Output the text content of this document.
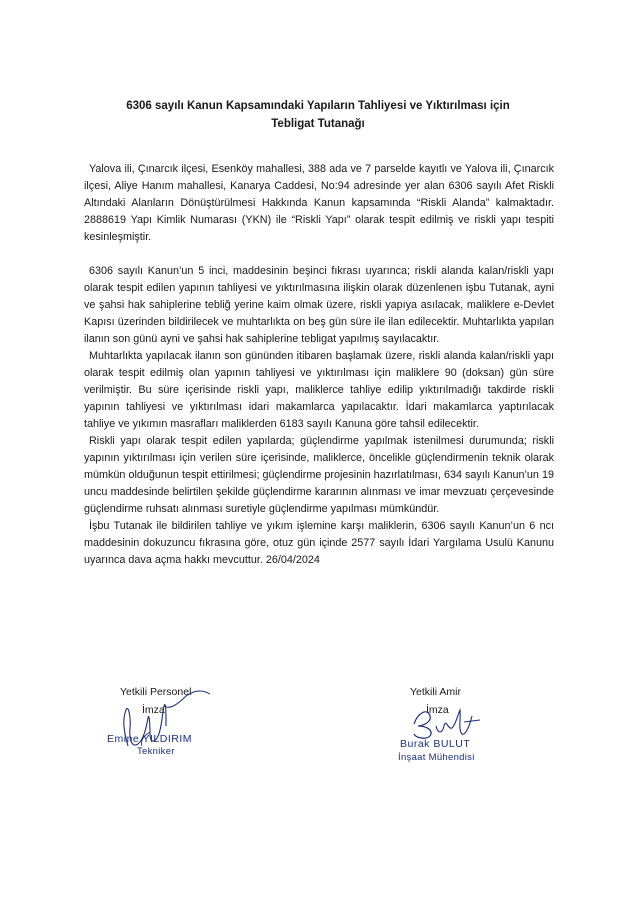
6306 sayılı Kanun Kapsamındaki Yapıların Tahliyesi ve Yıktırılması için
Tebligat Tutanağı

Yalova ili, Çınarcık ilçesi, Esenköy mahallesi, 388 ada ve 7 parselde kayıtlı ve Yalova ili, Çınarcık ilçesi, Aliye Hanım mahallesi, Kanarya Caddesi, No:94 adresinde yer alan 6306 sayılı Afet Riskli Altındaki Alanların Dönüştürülmesi Hakkında Kanun kapsamında “Riskli Alanda” kalmaktadır. 2888619 Yapı Kimlik Numarası (YKN) ile “Riskli Yapı” olarak tespit edilmiş ve riskli yapı tespiti kesinleşmiştir.

6306 sayılı Kanun’un 5 inci, maddesinin beşinci fıkrası uyarınca; riskli alanda kalan/riskli yapı olarak tespit edilen yapının tahliyesi ve yıktırılmasına ilişkin olarak düzenlenen işbu Tutanak, ayni ve şahsi hak sahiplerine tebliğ yerine kaim olmak üzere, riskli yapıya asılacak, maliklere e-Devlet Kapısı üzerinden bildirilecek ve muhtarlıkta on beş gün süre ile ilan edilecektir. Muhtarlıkta yapılan ilanın son günü ayni ve şahsi hak sahiplerine tebligat yapılmış sayılacaktır.

Muhtarlıkta yapılacak ilanın son gününden itibaren başlamak üzere, riskli alanda kalan/riskli yapı olarak tespit edilmiş olan yapının tahliyesi ve yıktırılması için maliklere 90 (doksan) gün süre verilmiştir. Bu süre içerisinde riskli yapı, maliklerce tahliye edilip yıktırılmadığı takdirde riskli yapının tahliyesi ve yıktırılması idari makamlarca yapılacaktır. İdari makamlarca yaptırılacak tahliye ve yıkımın masrafları maliklerden 6183 sayılı Kanuna göre tahsil edilecektir.

Riskli yapı olarak tespit edilen yapılarda; güçlendirme yapılmak istenilmesi durumunda; riskli yapının yıktırılması için verilen süre içerisinde, maliklerce, öncelikle güçlendirmenin teknik olarak mümkün olduğunun tespit ettirilmesi; güçlendirme projesinin hazırlatılması, 634 sayılı Kanun’un 19 uncu maddesinde belirtilen şekilde güçlendirme kararının alınması ve imar mevzuatı çerçevesinde güçlendirme ruhsatı alınması suretiyle güçlendirme yapılması mümkündür.

İşbu Tutanak ile bildirilen tahliye ve yıkım işlemine karşı maliklerin, 6306 sayılı Kanun’un 6 ncı maddesinin dokuzuncu fıkrasına göre, otuz gün içinde 2577 sayılı İdari Yargılama Usulü Kanunu uyarınca dava açma hakkı mevcuttur. 26/04/2024

Yetkili Personel
İmza
Emine YILDIRIM
Tekniker
Yetkili Amir
İmza
Burak BULUT
İnşaat Mühendisi
